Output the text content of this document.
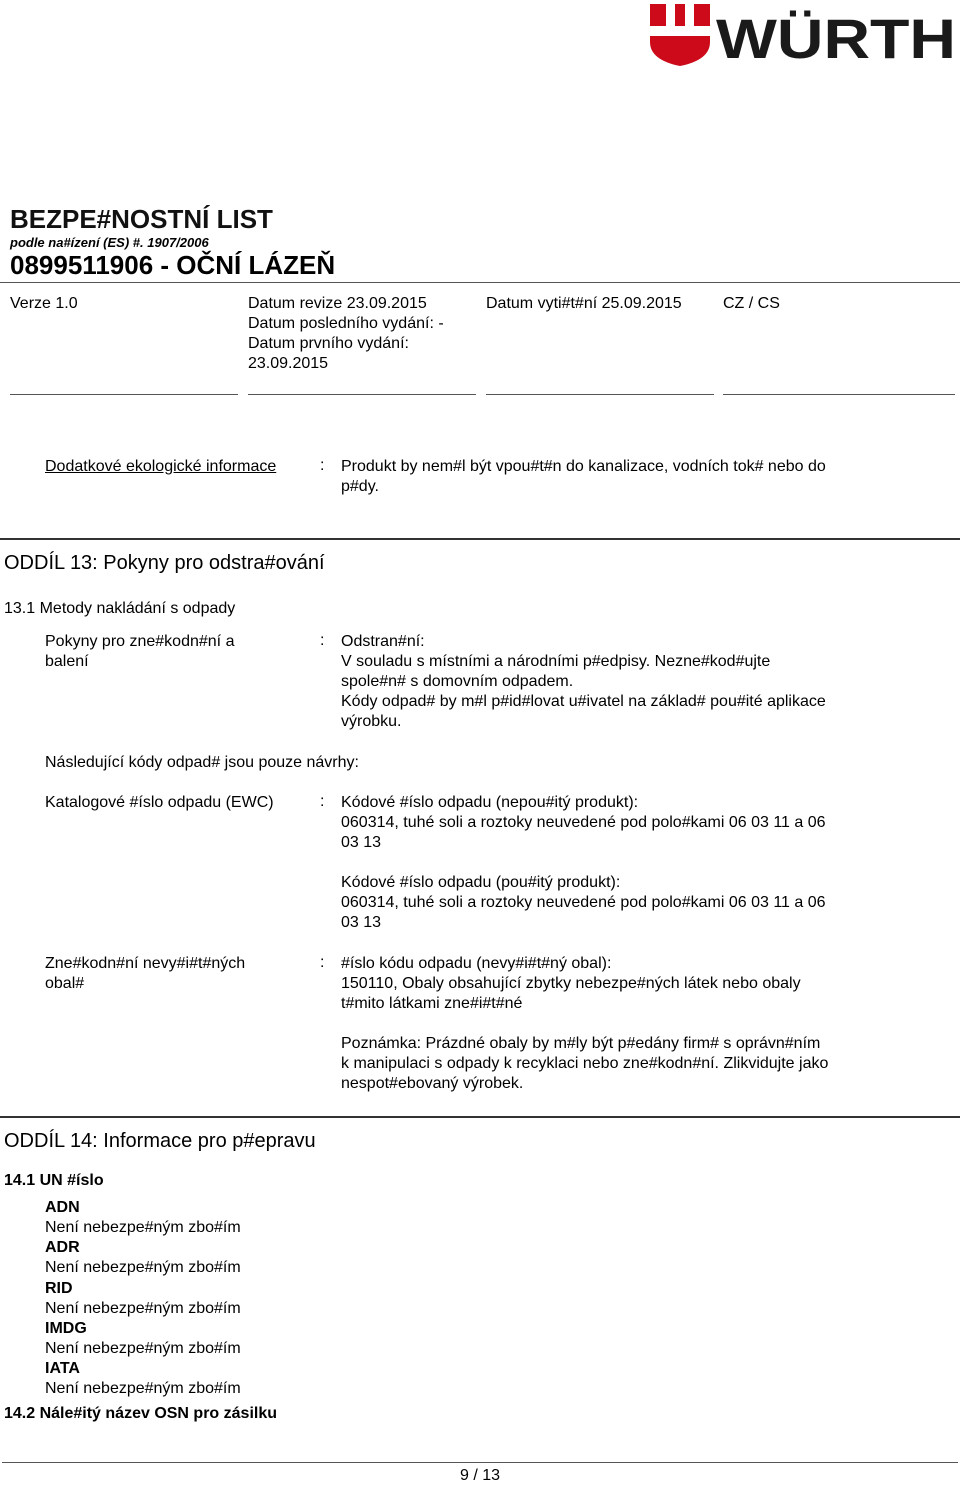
WÜRTH
BEZPE#NOSTNÍ LIST
podle na#ízení (ES) #. 1907/2006
0899511906 - OČNÍ LÁZEŇ
Verze 1.0	Datum revize 23.09.2015
Datum posledního vydání: -
Datum prvního vydání:
23.09.2015
Datum vyti#t#ní 25.09.2015	CZ / CS
Dodatkové ekologické informace	: Produkt by nem#l být vpou#t#n do kanalizace, vodních tok# nebo do
p#dy.
ODDÍL 13: Pokyny pro odstra#ování
13.1 Metody nakládání s odpady
Pokyny pro zne#kodn#ní a
balení
: Odstran#ní:
V souladu s místními a národními p#edpisy. Nezne#kod#ujte
spole#n# s domovním odpadem.
Kódy odpad# by m#l p#id#lovat u#ivatel na základ# pou#ité aplikace
výrobku.
Následující kódy odpad# jsou pouze návrhy:
Katalogové #íslo odpadu (EWC)	: Kódové #íslo odpadu (nepou#itý produkt):
060314, tuhé soli a roztoky neuvedené pod polo#kami 06 03 11 a 06
03 13
Kódové #íslo odpadu (pou#itý produkt):
060314, tuhé soli a roztoky neuvedené pod polo#kami 06 03 11 a 06
03 13
Zne#kodn#ní nevy#i#t#ných
obal#
: #íslo kódu odpadu (nevy#i#t#ný obal):
150110, Obaly obsahující zbytky nebezpe#ných látek nebo obaly
t#mito látkami zne#i#t#né
Poznámka: Prázdné obaly by m#ly být p#edány firm# s oprávn#ním
k manipulaci s odpady k recyklaci nebo zne#kodn#ní. Zlikvidujte jako
nespot#ebovaný výrobek.
ODDÍL 14: Informace pro p#epravu
14.1 UN #íslo
ADN
Není nebezpe#ným zbo#ím
ADR
Není nebezpe#ným zbo#ím
RID
Není nebezpe#ným zbo#ím
IMDG
Není nebezpe#ným zbo#ím
IATA
Není nebezpe#ným zbo#ím
14.2 Nále#itý název OSN pro zásilku
9 / 13
